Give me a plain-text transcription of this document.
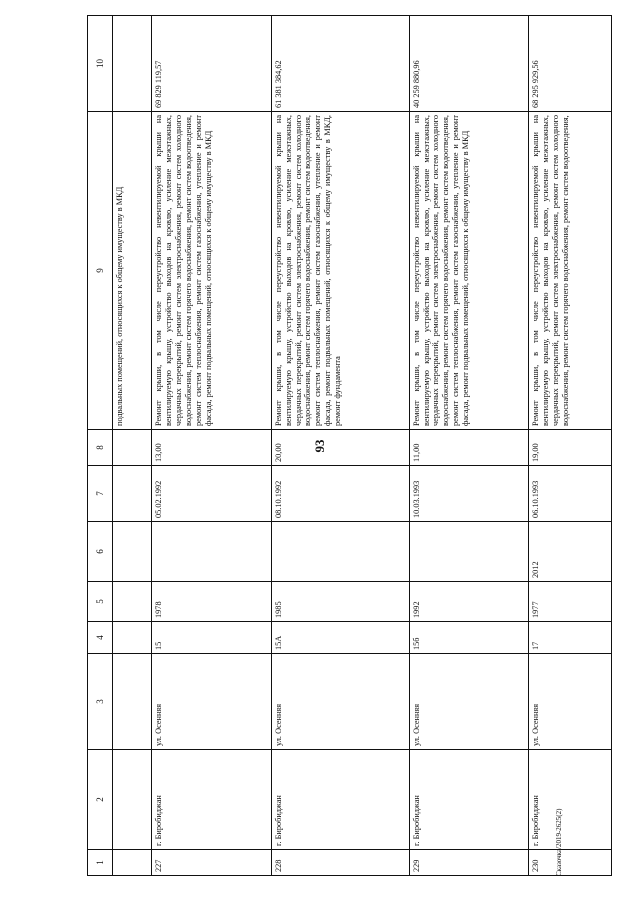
93
1	2	3	4	5	6	7	8	9	10
								подвальных помещений, относящихся к общему имуществу в МКД	
227	г. Биробиджан	ул. Осенняя	15	1978		05.02.1992	13,00	Ремонт крыши, в том числе переустройство невентилируемой крыши на вентилируемую крышу, устройство выходов на кровлю, усиление межэтажных, чердачных перекрытий, ремонт систем электроснабжения, ремонт систем холодного водоснабжения, ремонт систем горячего водоснабжения, ремонт систем водоотведения, ремонт систем теплоснабжения, ремонт систем газоснабжения, утепление и ремонт фасада, ремонт подвальных помещений, относящихся к общему имуществу в МКД	69 829 119,57
228	г. Биробиджан	ул. Осенняя	15А	1985		08.10.1992	20,00	Ремонт крыши, в том числе переустройство невентилируемой крыши на вентилируемую крышу, устройство выходов на кровлю, усиление межэтажных, чердачных перекрытий, ремонт систем электроснабжения, ремонт систем холодного водоснабжения, ремонт систем горячего водоснабжения, ремонт систем водоотведения, ремонт систем теплоснабжения, ремонт систем газоснабжения, утепление и ремонт фасада, ремонт подвальных помещений, относящихся к общему имуществу в МКД, ремонт фундамента	61 381 384,62
229	г. Биробиджан	ул. Осенняя	15б	1992		10.03.1993	11,00	Ремонт крыши, в том числе переустройство невентилируемой крыши на вентилируемую крышу, устройство выходов на кровлю, усиление межэтажных, чердачных перекрытий, ремонт систем электроснабжения, ремонт систем холодного водоснабжения, ремонт систем горячего водоснабжения, ремонт систем водоотведения, ремонт систем теплоснабжения, ремонт систем газоснабжения, утепление и ремонт фасада, ремонт подвальных помещений, относящихся к общему имуществу в МКД	40 259 880,96
230	г. Биробиджан	ул. Осенняя	17	1977	2012	06.10.1993	19,00	Ремонт крыши, в том числе переустройство невентилируемой крыши на вентилируемую крышу, устройство выходов на кровлю, усиление межэтажных, чердачных перекрытий, ремонт систем электроснабжения, ремонт систем холодного водоснабжения, ремонт систем горячего водоснабжения, ремонт систем водоотведения,	68 295 929,56
Сказочка/2019-2625(2)
